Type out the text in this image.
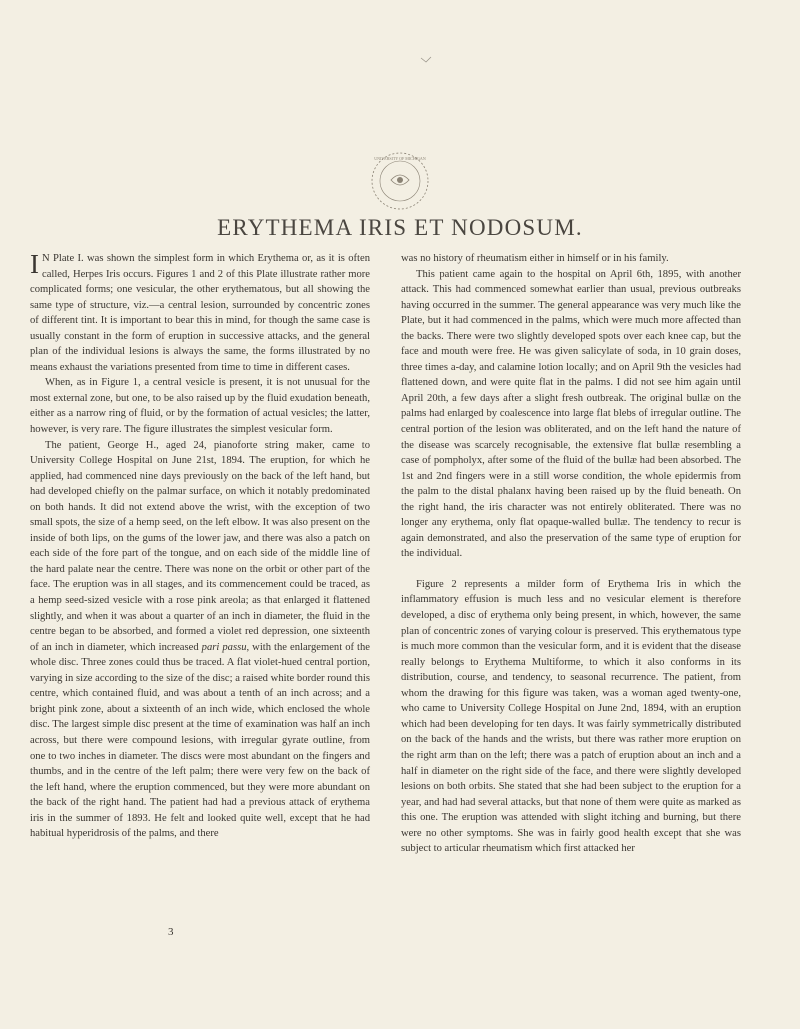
UNIVERSITY OF MICHIGAN
ERYTHEMA IRIS ET NODOSUM.

I N Plate I. was shown the simplest form in which Erythema or, as it is often called, Herpes Iris occurs. Figures 1 and 2 of this Plate illustrate rather more complicated forms; one vesicular, the other erythematous, but all showing the same type of structure, viz.—a central lesion, surrounded by concentric zones of different tint. It is important to bear this in mind, for though the same case is usually constant in the form of eruption in successive attacks, and the general plan of the individual lesions is always the same, the forms illustrated by no means exhaust the variations presented from time to time in different cases.

When, as in Figure 1, a central vesicle is present, it is not unusual for the most external zone, but one, to be also raised up by the fluid exudation beneath, either as a narrow ring of fluid, or by the formation of actual vesicles; the latter, however, is very rare. The figure illustrates the simplest vesicular form.

The patient, George H., aged 24, pianoforte string maker, came to University College Hospital on June 21st, 1894. The eruption, for which he applied, had commenced nine days previously on the back of the left hand, but had developed chiefly on the palmar surface, on which it notably predominated on both hands. It did not extend above the wrist, with the exception of two small spots, the size of a hemp seed, on the left elbow. It was also present on the inside of both lips, on the gums of the lower jaw, and there was also a patch on each side of the fore part of the tongue, and on each side of the middle line of the hard palate near the centre. There was none on the orbit or other part of the face. The eruption was in all stages, and its commencement could be traced, as a hemp seed-sized vesicle with a rose pink areola; as that enlarged it flattened slightly, and when it was about a quarter of an inch in diameter, the fluid in the centre began to be absorbed, and formed a violet red depression, one sixteenth of an inch in diameter, which increased pari passu, with the enlargement of the whole disc. Three zones could thus be traced. A flat violet-hued central portion, varying in size according to the size of the disc; a raised white border round this centre, which contained fluid, and was about a tenth of an inch across; and a bright pink zone, about a sixteenth of an inch wide, which enclosed the whole disc. The largest simple disc present at the time of examination was half an inch across, but there were compound lesions, with irregular gyrate outline, from one to two inches in diameter. The discs were most abundant on the fingers and thumbs, and in the centre of the left palm; there were very few on the back of the left hand, where the eruption commenced, but they were more abundant on the back of the right hand. The patient had had a previous attack of erythema iris in the summer of 1893. He felt and looked quite well, except that he had habitual hyperidrosis of the palms, and there

was no history of rheumatism either in himself or in his family.

This patient came again to the hospital on April 6th, 1895, with another attack. This had commenced somewhat earlier than usual, previous outbreaks having occurred in the summer. The general appearance was very much like the Plate, but it had commenced in the palms, which were much more affected than the backs. There were two slightly developed spots over each knee cap, but the face and mouth were free. He was given salicylate of soda, in 10 grain doses, three times a-day, and calamine lotion locally; and on April 9th the vesicles had flattened down, and were quite flat in the palms. I did not see him again until April 20th, a few days after a slight fresh outbreak. The original bullæ on the palms had enlarged by coalescence into large flat blebs of irregular outline. The central portion of the lesion was obliterated, and on the left hand the nature of the disease was scarcely recognisable, the extensive flat bullæ resembling a case of pompholyx, after some of the fluid of the bullæ had been absorbed. The 1st and 2nd fingers were in a still worse condition, the whole epidermis from the palm to the distal phalanx having been raised up by the fluid beneath. On the right hand, the iris character was not entirely obliterated. There was no longer any erythema, only flat opaque-walled bullæ. The tendency to recur is again demonstrated, and also the preservation of the same type of eruption for the individual.

Figure 2 represents a milder form of Erythema Iris in which the inflammatory effusion is much less and no vesicular element is therefore developed, a disc of erythema only being present, in which, however, the same plan of concentric zones of varying colour is preserved. This erythematous type is much more common than the vesicular form, and it is evident that the disease really belongs to Erythema Multiforme, to which it also conforms in its distribution, course, and tendency, to seasonal recurrence. The patient, from whom the drawing for this figure was taken, was a woman aged twenty-one, who came to University College Hospital on June 2nd, 1894, with an eruption which had been developing for ten days. It was fairly symmetrically distributed on the back of the hands and the wrists, but there was rather more eruption on the right arm than on the left; there was a patch of eruption about an inch and a half in diameter on the right side of the face, and there were slightly developed lesions on both orbits. She stated that she had been subject to the eruption for a year, and had had several attacks, but that none of them were quite as marked as this one. The eruption was attended with slight itching and burning, but there were no other symptoms. She was in fairly good health except that she was subject to articular rheumatism which first attacked her

3
